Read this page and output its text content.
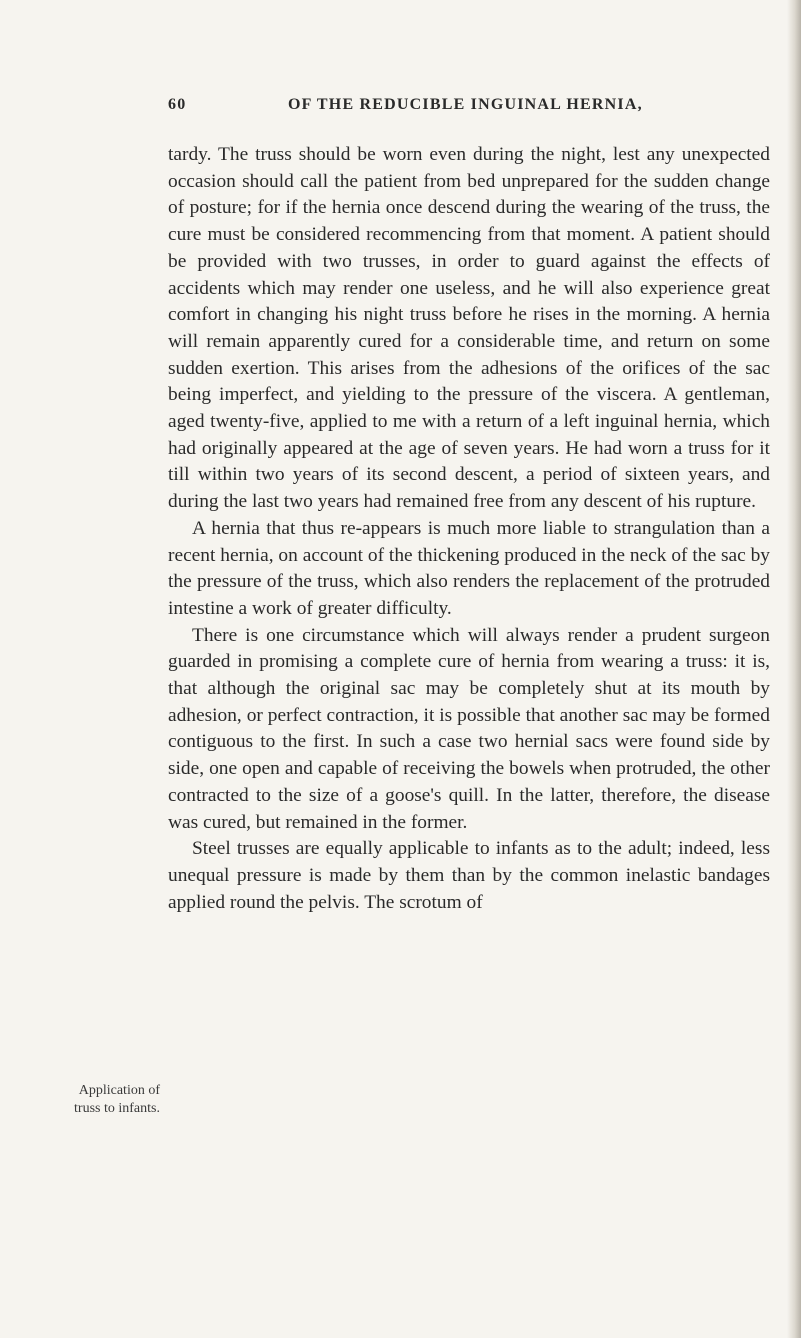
60	OF THE REDUCIBLE INGUINAL HERNIA,

tardy. The truss should be worn even during the night, lest any unexpected occasion should call the patient from bed unprepared for the sudden change of posture; for if the hernia once descend during the wearing of the truss, the cure must be considered recommencing from that moment. A patient should be provided with two trusses, in order to guard against the effects of accidents which may render one useless, and he will also experience great comfort in changing his night truss before he rises in the morning. A hernia will remain apparently cured for a considerable time, and return on some sudden exertion. This arises from the adhesions of the orifices of the sac being imperfect, and yielding to the pressure of the viscera. A gentleman, aged twenty-five, applied to me with a return of a left inguinal hernia, which had originally appeared at the age of seven years. He had worn a truss for it till within two years of its second descent, a period of sixteen years, and during the last two years had remained free from any descent of his rupture.

A hernia that thus re-appears is much more liable to strangulation than a recent hernia, on account of the thickening produced in the neck of the sac by the pressure of the truss, which also renders the replacement of the protruded intestine a work of greater difficulty.

There is one circumstance which will always render a prudent surgeon guarded in promising a complete cure of hernia from wearing a truss: it is, that although the original sac may be completely shut at its mouth by adhesion, or perfect contraction, it is possible that another sac may be formed contiguous to the first. In such a case two hernial sacs were found side by side, one open and capable of receiving the bowels when protruded, the other contracted to the size of a goose's quill. In the latter, therefore, the disease was cured, but remained in the former.

Steel trusses are equally applicable to infants as to the adult; indeed, less unequal pressure is made by them than by the common inelastic bandages applied round the pelvis. The scrotum of

Application of
truss to infants.
